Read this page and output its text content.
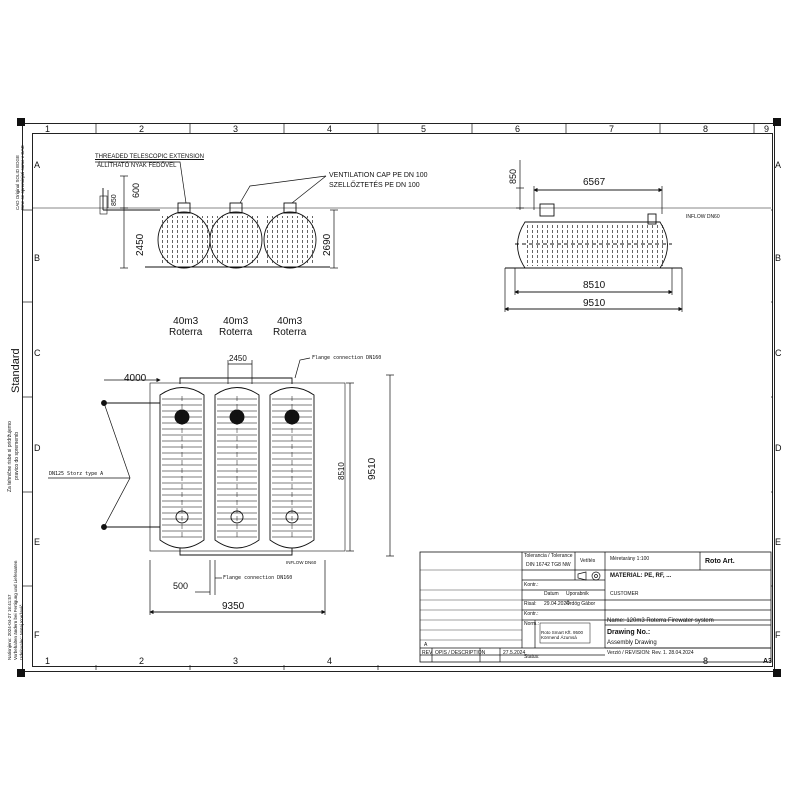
1	2	3	4	5	6	7	8	9
1	2	3	4	8	A3
A
B
C
D
E
F
A
B
C
D
E
F
Standard
Za tehnične risbe si pridržujemo pravico do sprememb
CAD Original SOLID EDGE Sme se spreminjati samo v CAD
Natisnjeno: 2024-04-27 16:41:57 Vorbehalten ändern bei Fertigung und Lieferanten Izdelovalec: Matej Kneževič
THREADED TELESCOPIC EXTENSION
ÁLLÍTHATÓ NYAK FEDŐVEL
VENTILATION CAP PE DN 100
SZELLŐZTETÉS PE DN 100
600
850
2450	2690
850	6567
8510
9510
INFLOW DN60
40m3
Roterra
40m3
Roterra
40m3
Roterra
4000
2450	Flange connection DN160
8510 9510
DN125 Storz type A
INFLOW DN60
500
Flange connection DN160
9350
Tolerancia / Tolerance
DIN 16742 TG8 NW
Vetítés	Méretarány 1:100	Roto Art.
MATERIAL: PE, RF, ...
Datum Uporabnik	CUSTOMER
Kontr.:
Risal: 29.04.2024
Ördög Gábor
Kontr.:
Norm.:	Name: 120m3 Roterra Firewater system
Drawing No.:
Assembly Drawing
Verzió / REVISION: Rev. 1. 28.04.2024
Roto Smart Kft. 9500 Körmend Ázumsá
A
REV OPIS / DESCRIPTION	27.5.2024
Status:
